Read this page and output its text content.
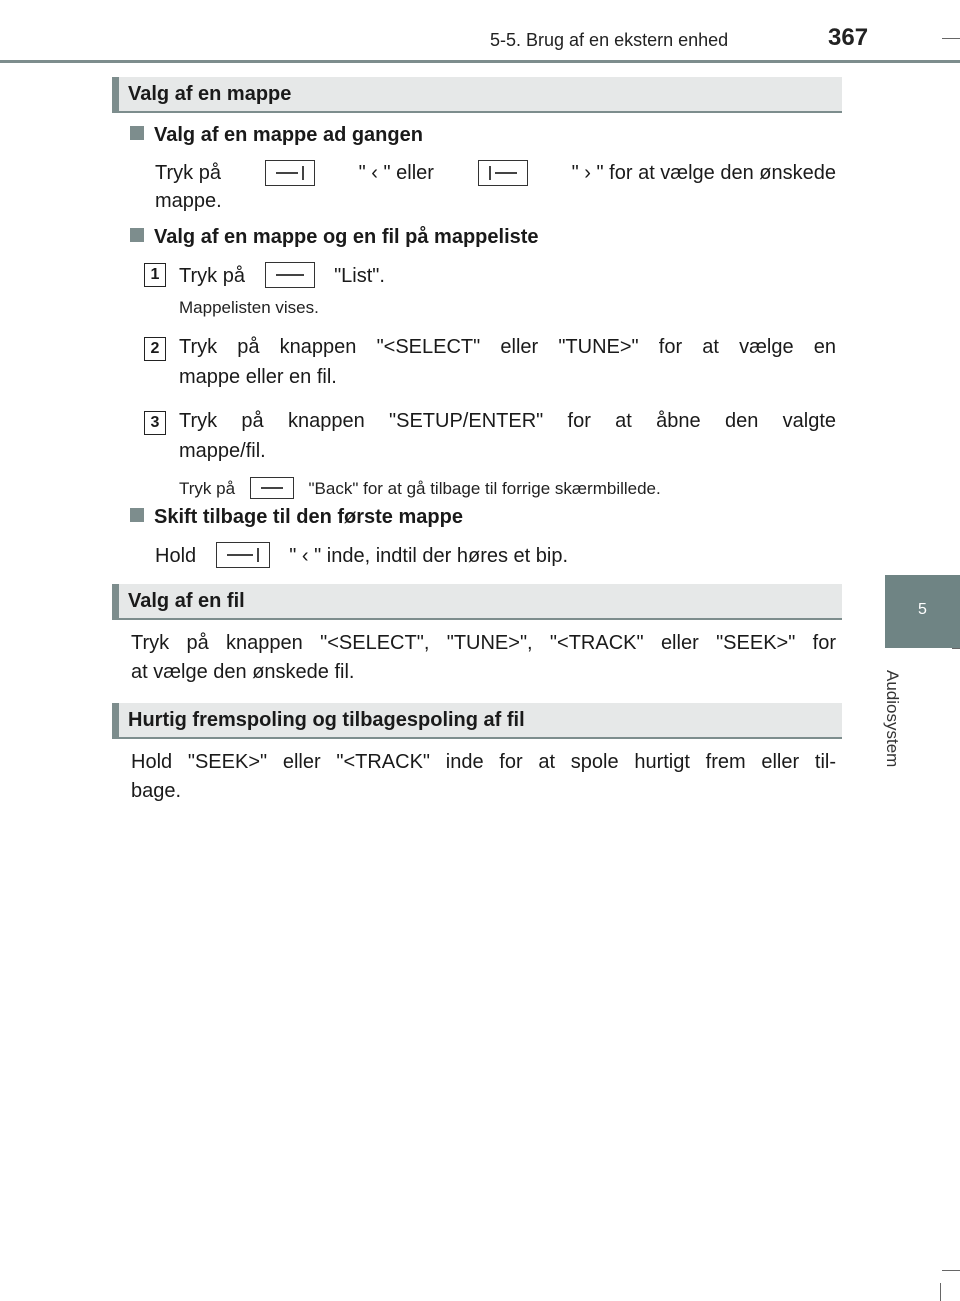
5-5. Brug af en ekstern enhed	367
5
Audiosystem
Valg af en mappe
Valg af en mappe ad gangen
Tryk på	" ‹ " eller	" › " for at vælge den ønskede
mappe.
Valg af en mappe og en fil på mappeliste
1 Tryk på	"List".
Mappelisten vises.
2 Tryk på knappen "<SELECT" eller "TUNE>" for at vælge en
mappe eller en fil.
3 Tryk på knappen "SETUP/ENTER" for at åbne den valgte
mappe/fil.
Tryk på	"Back" for at gå tilbage til forrige skærmbillede.
Skift tilbage til den første mappe
Hold	" ‹ " inde, indtil der høres et bip.
Valg af en fil
Tryk på knappen "<SELECT", "TUNE>", "<TRACK" eller "SEEK>" for
at vælge den ønskede fil.
Hurtig fremspoling og tilbagespoling af fil
Hold "SEEK>" eller "<TRACK" inde for at spole hurtigt frem eller til-
bage.
